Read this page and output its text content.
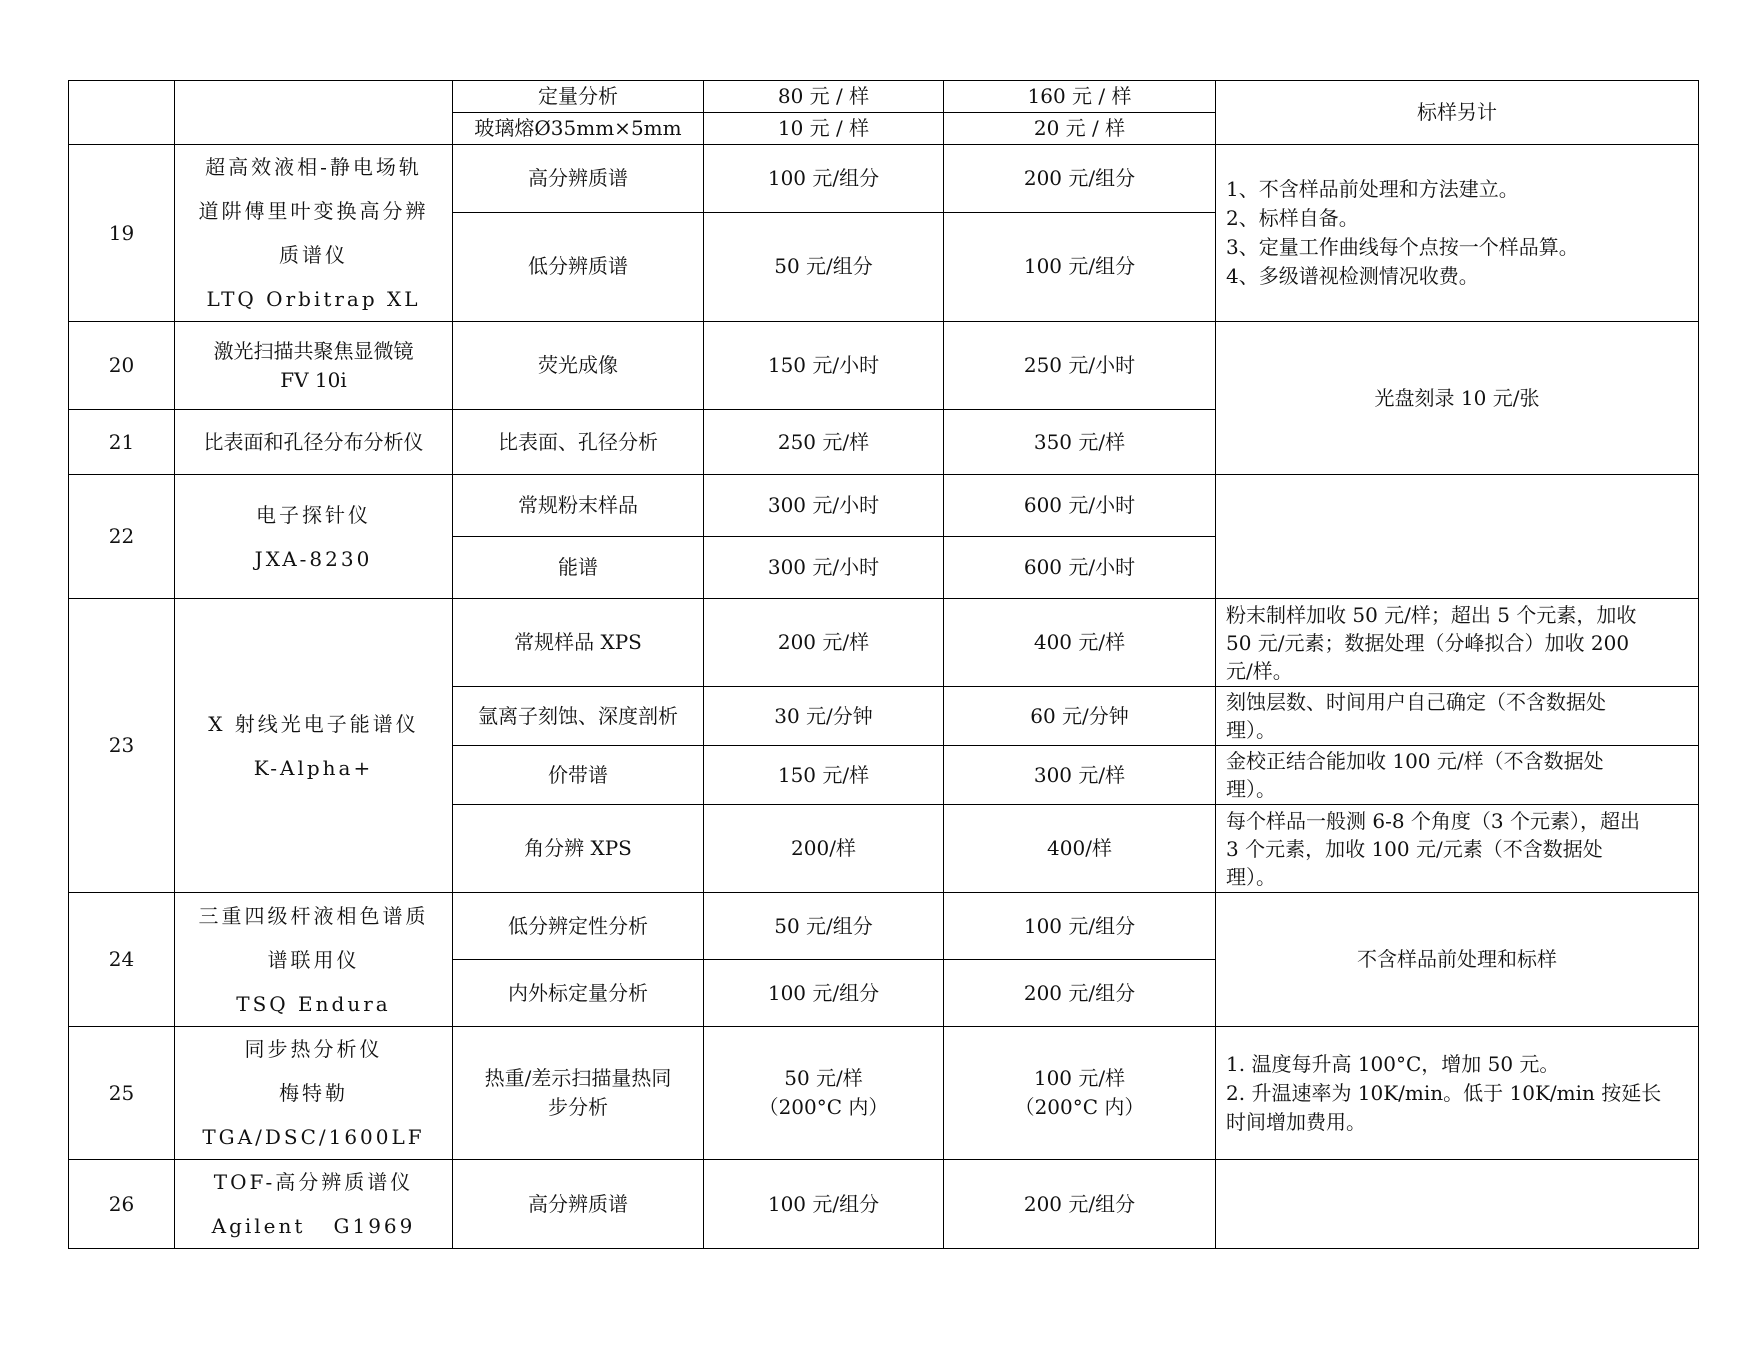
		定量分析	80 元 / 样	160 元 / 样	标样另计
		玻璃熔Ø35mm×5mm	10 元 / 样	20 元 / 样	
19	超高效液相-静电场轨
道阱傅里叶变换高分辨
质谱仪
LTQ Orbitrap XL	高分辨质谱	100 元/组分	200 元/组分	1、不含样品前处理和方法建立。
2、标样自备。
3、定量工作曲线每个点按一个样品算。
4、多级谱视检测情况收费。

		低分辨质谱	50 元/组分	100 元/组分	
20	激光扫描共聚焦显微镜
FV 10i	荧光成像	150 元/小时	250 元/小时	光盘刻录 10 元/张
21	比表面和孔径分布分析仪	比表面、孔径分析	250 元/样	350 元/样	
22	电子探针仪
JXA-8230	常规粉末样品	300 元/小时	600 元/小时	
		能谱	300 元/小时	600 元/小时	
23	X 射线光电子能谱仪
K-Alpha+	常规样品 XPS	200 元/样	400 元/样	粉末制样加收 50 元/样；超出 5 个元素，加收
50 元/元素；数据处理（分峰拟合）加收 200
元/样。

		氩离子刻蚀、深度剖析	30 元/分钟	60 元/分钟	刻蚀层数、时间用户自己确定（不含数据处
理）。

		价带谱	150 元/样	300 元/样	金校正结合能加收 100 元/样（不含数据处
理）。

		角分辨 XPS	200/样	400/样	每个样品一般测 6-8 个角度（3 个元素），超出
3 个元素，加收 100 元/元素（不含数据处
理）。

24	三重四级杆液相色谱质
谱联用仪
TSQ Endura	低分辨定性分析	50 元/组分	100 元/组分	不含样品前处理和标样
		内外标定量分析	100 元/组分	200 元/组分	
25	同步热分析仪
梅特勒
TGA/DSC/1600LF	热重/差示扫描量热同
步分析	50 元/样
（200°C 内）	100 元/样
（200°C 内）	1. 温度每升高 100°C，增加 50 元。
2. 升温速率为 10K/min。低于 10K/min 按延长
时间增加费用。

26	TOF-高分辨质谱仪
Agilent   G1969	高分辨质谱	100 元/组分	200 元/组分	
